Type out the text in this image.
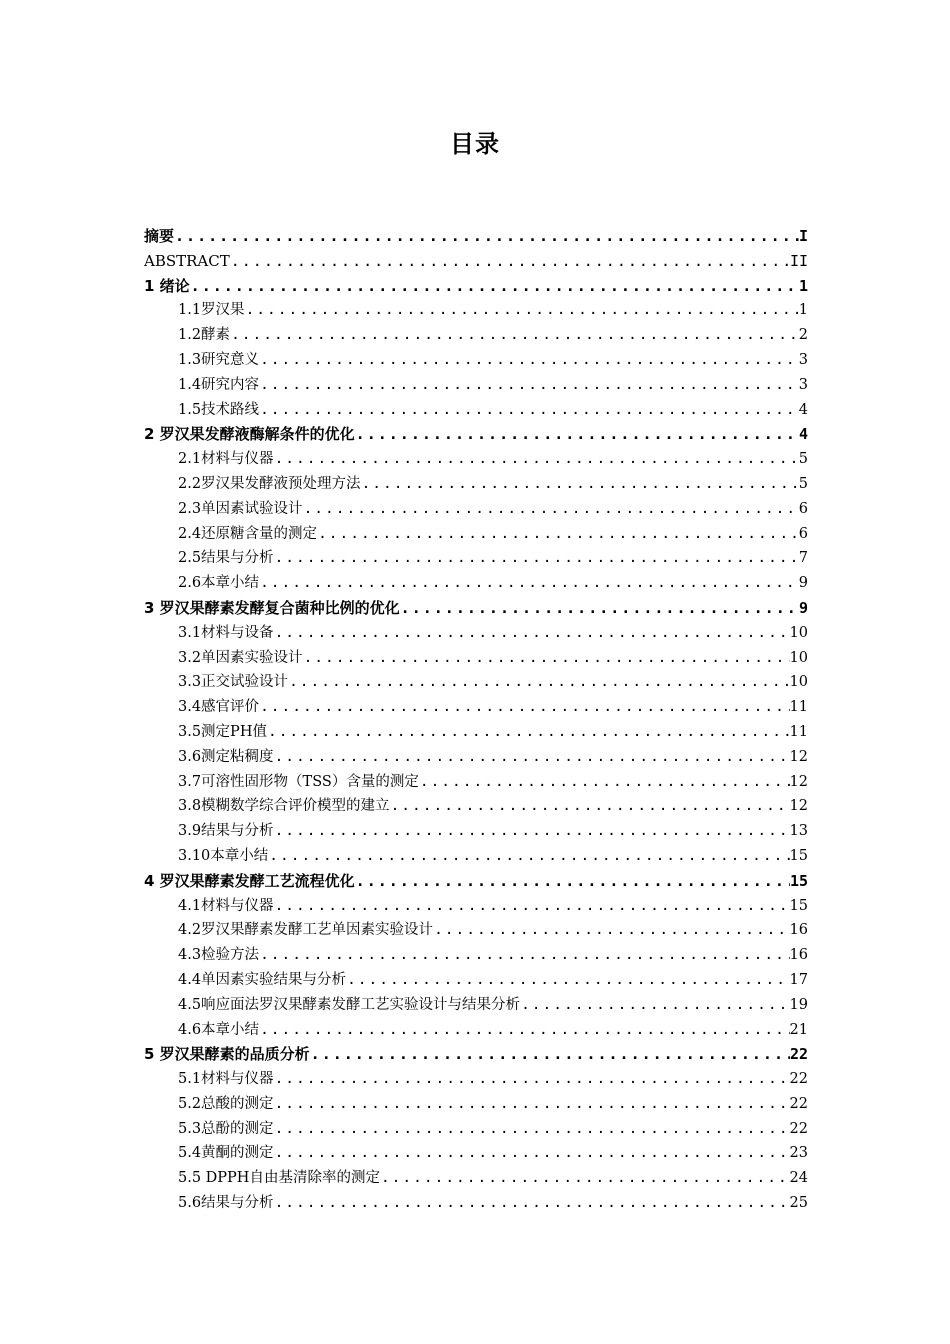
目录
摘要 .....	I
ABSTRACT .....	II
1 绪论 .....	1
1.1罗汉果 .....	1
1.2酵素 .....	2
1.3研究意义 .....	3
1.4研究内容 .....	3
1.5技术路线 .....	4
2 罗汉果发酵液酶解条件的优化 .....	4
2.1材料与仪器 .....	5
2.2罗汉果发酵液预处理方法 .....	5
2.3单因素试验设计 .....	6
2.4还原糖含量的测定 .....	6
2.5结果与分析 .....	7
2.6本章小结 .....	9
3 罗汉果酵素发酵复合菌种比例的优化 .....	9
3.1材料与设备 .....	10
3.2单因素实验设计 .....	10
3.3正交试验设计 .....	10
3.4感官评价 .....	11
3.5测定PH值 .....	11
3.6测定粘稠度 .....	12
3.7可溶性固形物（TSS）含量的测定 .....	12
3.8模糊数学综合评价模型的建立 .....	12
3.9结果与分析 .....	13
3.10本章小结 .....	15
4 罗汉果酵素发酵工艺流程优化 .....	15
4.1材料与仪器 .....	15
4.2罗汉果酵素发酵工艺单因素实验设计 .....	16
4.3检验方法 .....	16
4.4单因素实验结果与分析 .....	17
4.5响应面法罗汉果酵素发酵工艺实验设计与结果分析 .....	19
4.6本章小结 .....	21
5 罗汉果酵素的品质分析 .....	22
5.1材料与仪器 .....	22
5.2总酸的测定 .....	22
5.3总酚的测定 .....	22
5.4黄酮的测定 .....	23
5.5 DPPH自由基清除率的测定 .....	24
5.6结果与分析 .....	25
